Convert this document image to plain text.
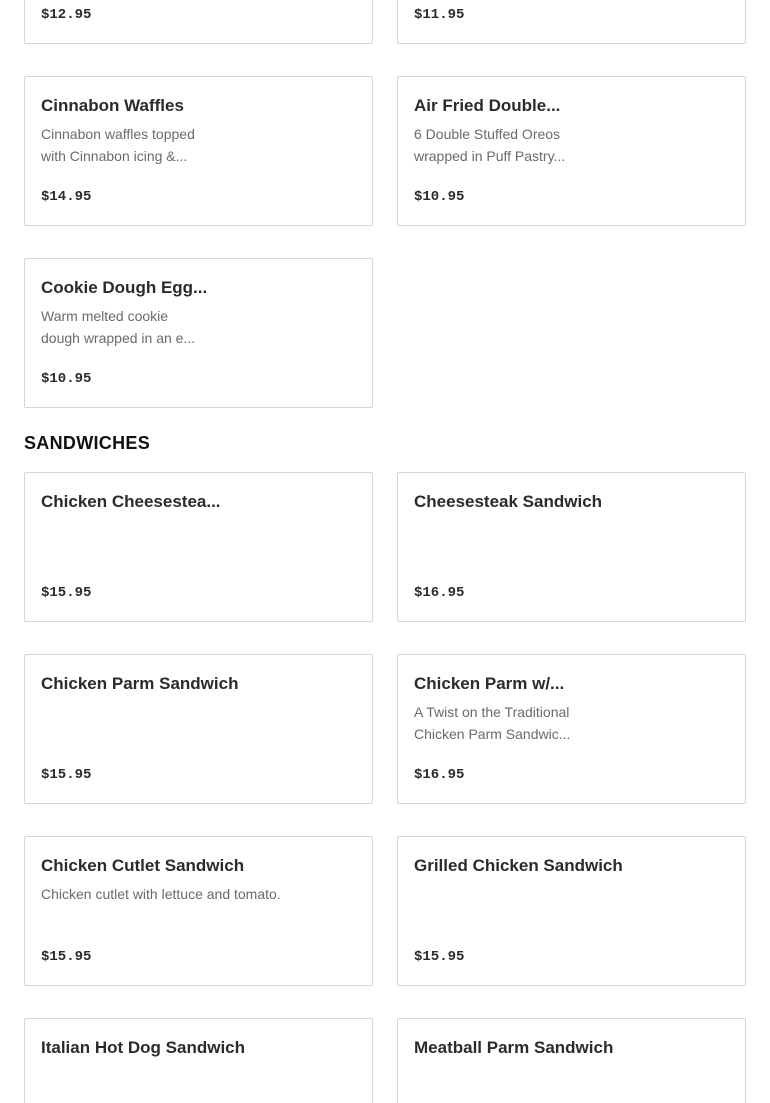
$12.95	$11.95
Cinnabon Waffles
Cinnabon waffles topped
with Cinnabon icing &...
$14.95
Air Fried Double...
6 Double Stuffed Oreos
wrapped in Puff Pastry...
$10.95
Cookie Dough Egg...
Warm melted cookie
dough wrapped in an e...
$10.95
SANDWICHES
Chicken Cheesestea...
$15.95
Cheesesteak Sandwich
$16.95
Chicken Parm Sandwich
$15.95
Chicken Parm w/...
A Twist on the Traditional
Chicken Parm Sandwic...
$16.95
Chicken Cutlet Sandwich
Chicken cutlet with lettuce and tomato.
$15.95
Grilled Chicken Sandwich
$15.95
Italian Hot Dog Sandwich	Meatball Parm Sandwich
